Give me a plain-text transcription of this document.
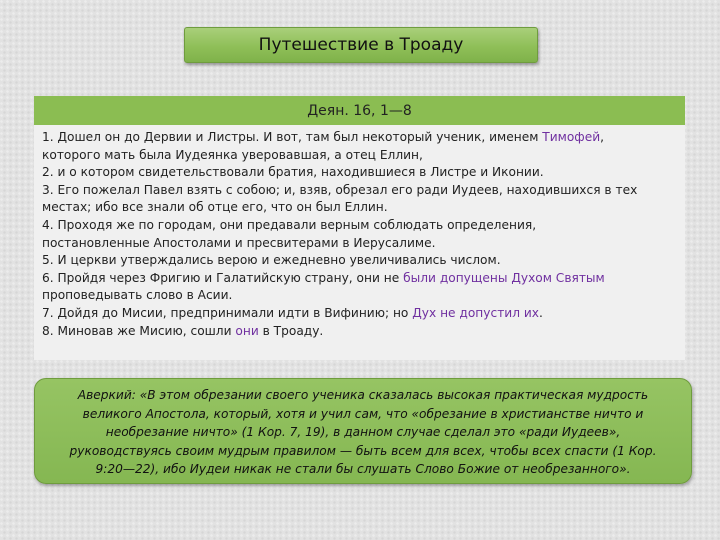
Путешествие в Троаду
Деян. 16, 1—8
1. Дошел он до Дервии и Листры. И вот, там был некоторый ученик, именем Тимофей,
которого мать была Иудеянка уверовавшая, а отец Еллин,
2. и о котором свидетельствовали братия, находившиеся в Листре и Иконии.
3. Его пожелал Павел взять с собою; и, взяв, обрезал его ради Иудеев, находившихся в тех
местах; ибо все знали об отце его, что он был Еллин.
4. Проходя же по городам, они предавали верным соблюдать определения,
постановленные Апостолами и пресвитерами в Иерусалиме.
5. И церкви утверждались верою и ежедневно увеличивались числом.
6. Пройдя через Фригию и Галатийскую страну, они не были допущены Духом Святым
проповедывать слово в Асии.
7. Дойдя до Мисии, предпринимали идти в Вифинию; но Дух не допустил их.
8. Миновав же Мисию, сошли они в Троаду.
Аверкий: «В этом обрезании своего ученика сказалась высокая практическая мудрость
великого Апостола, который, хотя и учил сам, что «обрезание в христианстве ничто и
необрезание ничто» (1 Кор. 7, 19), в данном случае сделал это «ради Иудеев»,
руководствуясь своим мудрым правилом — быть всем для всех, чтобы всех спасти (1 Кор.
9:20—22), ибо Иудеи никак не стали бы слушать Слово Божие от необрезанного».
